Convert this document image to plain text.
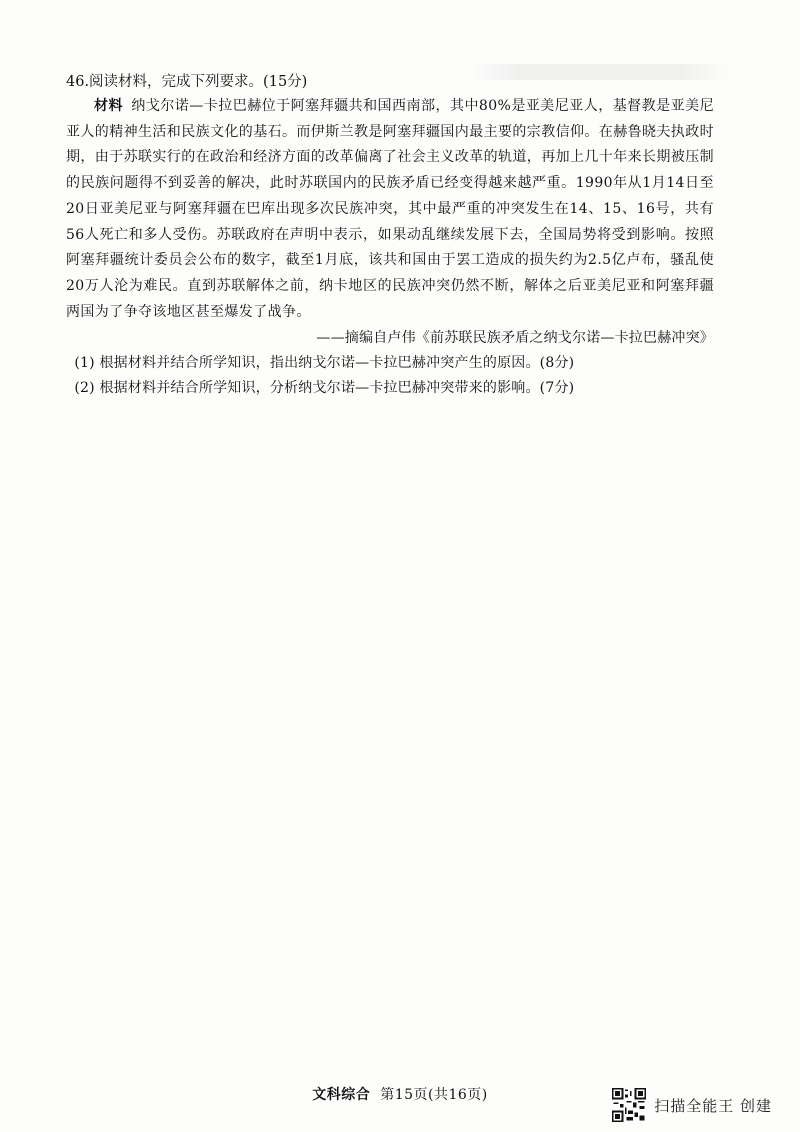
46.阅读材料，完成下列要求。(15分)

材料 纳戈尔诺—卡拉巴赫位于阿塞拜疆共和国西南部，其中80%是亚美尼亚人，基督教是亚美尼亚人的精神生活和民族文化的基石。而伊斯兰教是阿塞拜疆国内最主要的宗教信仰。在赫鲁晓夫执政时期，由于苏联实行的在政治和经济方面的改革偏离了社会主义改革的轨道，再加上几十年来长期被压制的民族问题得不到妥善的解决，此时苏联国内的民族矛盾已经变得越来越严重。1990年从1月14日至20日亚美尼亚与阿塞拜疆在巴库出现多次民族冲突，其中最严重的冲突发生在14、15、16号，共有56人死亡和多人受伤。苏联政府在声明中表示，如果动乱继续发展下去，全国局势将受到影响。按照阿塞拜疆统计委员会公布的数字，截至1月底，该共和国由于罢工造成的损失约为2.5亿卢布，骚乱使20万人沦为难民。直到苏联解体之前，纳卡地区的民族冲突仍然不断，解体之后亚美尼亚和阿塞拜疆两国为了争夺该地区甚至爆发了战争。

——摘编自卢伟《前苏联民族矛盾之纳戈尔诺—卡拉巴赫冲突》

(1) 根据材料并结合所学知识，指出纳戈尔诺—卡拉巴赫冲突产生的原因。(8分)

(2) 根据材料并结合所学知识，分析纳戈尔诺—卡拉巴赫冲突带来的影响。(7分)

文科综合 第15页(共16页)
扫描全能王 创建
